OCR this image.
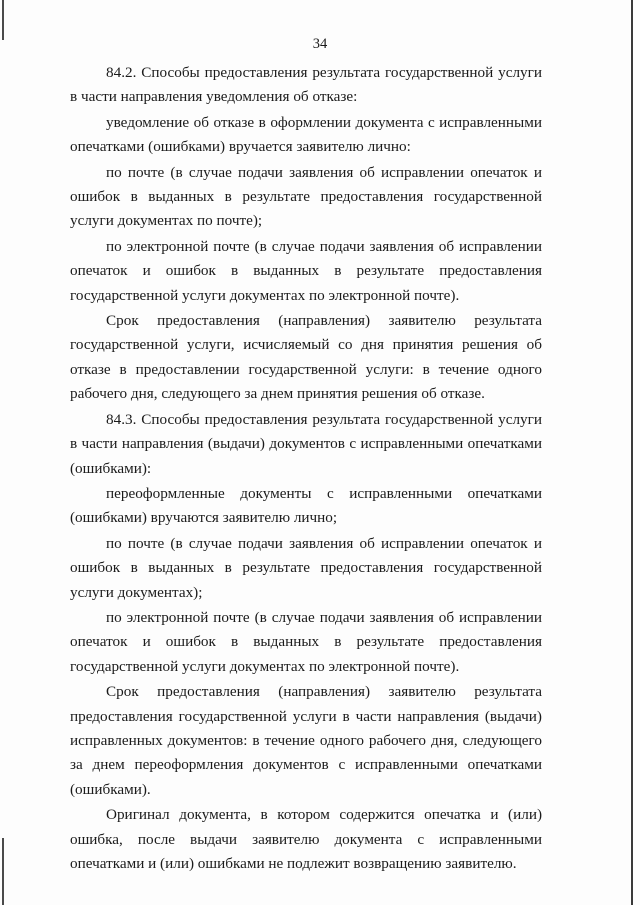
34

84.2. Способы предоставления результата государственной услуги в части направления уведомления об отказе:

уведомление об отказе в оформлении документа с исправленными опечатками (ошибками) вручается заявителю лично:

по почте (в случае подачи заявления об исправлении опечаток и ошибок в выданных в результате предоставления государственной услуги документах по почте);

по электронной почте (в случае подачи заявления об исправлении опечаток и ошибок в выданных в результате предоставления государственной услуги документах по электронной почте).

Срок предоставления (направления) заявителю результата государственной услуги, исчисляемый со дня принятия решения об отказе в предоставлении государственной услуги: в течение одного рабочего дня, следующего за днем принятия решения об отказе.

84.3. Способы предоставления результата государственной услуги в части направления (выдачи) документов с исправленными опечатками (ошибками):

переоформленные документы с исправленными опечатками (ошибками) вручаются заявителю лично;

по почте (в случае подачи заявления об исправлении опечаток и ошибок в выданных в результате предоставления государственной услуги документах);

по электронной почте (в случае подачи заявления об исправлении опечаток и ошибок в выданных в результате предоставления государственной услуги документах по электронной почте).

Срок предоставления (направления) заявителю результата предоставления государственной услуги в части направления (выдачи) исправленных документов: в течение одного рабочего дня, следующего за днем переоформления документов с исправленными опечатками (ошибками).

Оригинал документа, в котором содержится опечатка и (или) ошибка, после выдачи заявителю документа с исправленными опечатками и (или) ошибками не подлежит возвращению заявителю.
